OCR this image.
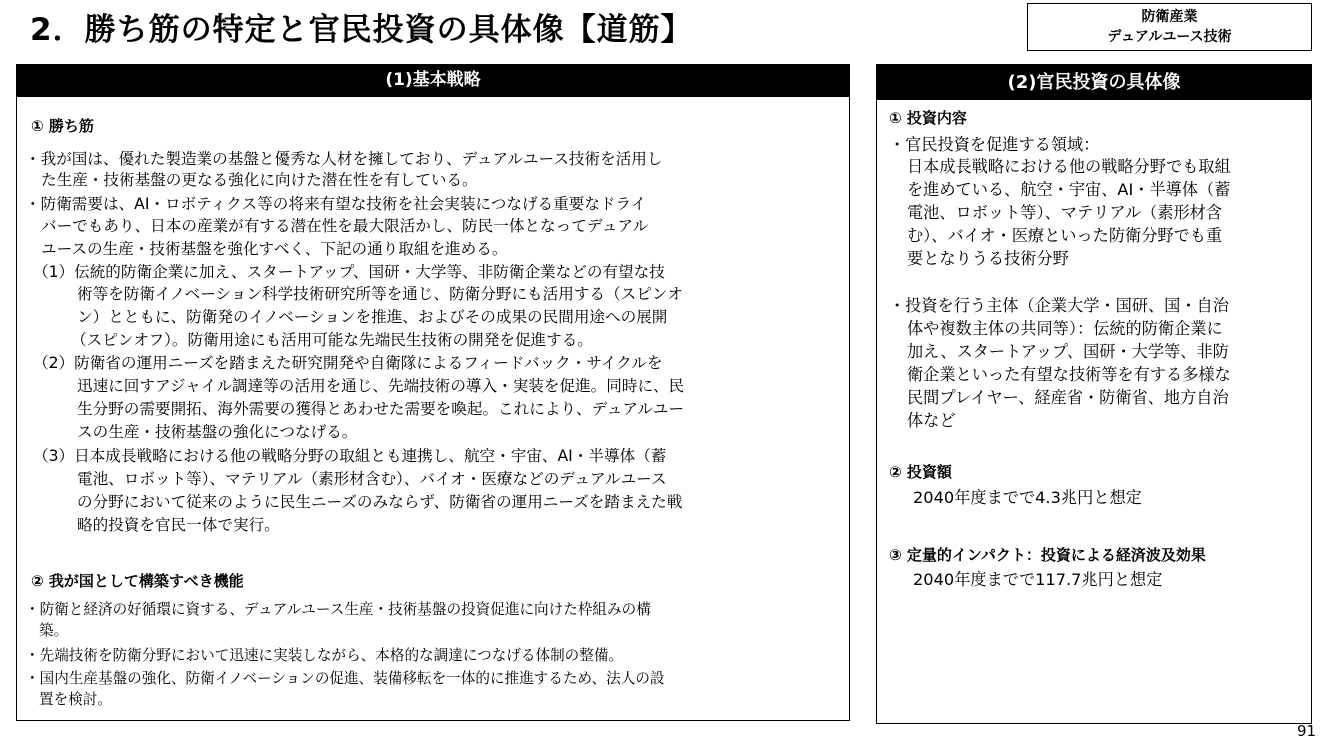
2．勝ち筋の特定と官民投資の具体像【道筋】	防衛産業
デュアルユース技術
(1)基本戦略
① 勝ち筋
・我が国は、優れた製造業の基盤と優秀な人材を擁しており、デュアルユース技術を活用し
た生産・技術基盤の更なる強化に向けた潜在性を有している。
・防衛需要は、AI・ロボティクス等の将来有望な技術を社会実装につなげる重要なドライ
バーでもあり、日本の産業が有する潜在性を最大限活かし、防民一体となってデュアル
ユースの生産・技術基盤を強化すべく、下記の通り取組を進める。
（1）伝統的防衛企業に加え、スタートアップ、国研・大学等、非防衛企業などの有望な技
術等を防衛イノベーション科学技術研究所等を通じ、防衛分野にも活用する（スピンオ
ン）とともに、防衛発のイノベーションを推進、およびその成果の民間用途への展開
（スピンオフ）。防衛用途にも活用可能な先端民生技術の開発を促進する。
（2）防衛省の運用ニーズを踏まえた研究開発や自衛隊によるフィードバック・サイクルを
迅速に回すアジャイル調達等の活用を通じ、先端技術の導入・実装を促進。同時に、民
生分野の需要開拓、海外需要の獲得とあわせた需要を喚起。これにより、デュアルユー
スの生産・技術基盤の強化につなげる。
（3）日本成長戦略における他の戦略分野の取組とも連携し、航空・宇宙、AI・半導体（蓄
電池、ロボット等）、マテリアル（素形材含む）、バイオ・医療などのデュアルユース
の分野において従来のように民生ニーズのみならず、防衛省の運用ニーズを踏まえた戦
略的投資を官民一体で実行。
② 我が国として構築すべき機能
・防衛と経済の好循環に資する、デュアルユース生産・技術基盤の投資促進に向けた枠組みの構
築。
・先端技術を防衛分野において迅速に実装しながら、本格的な調達につなげる体制の整備。
・国内生産基盤の強化、防衛イノベーションの促進、装備移転を一体的に推進するため、法人の設
置を検討。
(2)官民投資の具体像
① 投資内容
・官民投資を促進する領域：
日本成長戦略における他の戦略分野でも取組
を進めている、航空・宇宙、AI・半導体（蓄
電池、ロボット等）、マテリアル（素形材含
む）、バイオ・医療といった防衛分野でも重
要となりうる技術分野
・投資を行う主体（企業大学・国研、国・自治
体や複数主体の共同等）：伝統的防衛企業に
加え、スタートアップ、国研・大学等、非防
衛企業といった有望な技術等を有する多様な
民間プレイヤー、経産省・防衛省、地方自治
体など
② 投資額
2040年度までで4.3兆円と想定
③ 定量的インパクト：投資による経済波及効果
2040年度までで117.7兆円と想定
91
